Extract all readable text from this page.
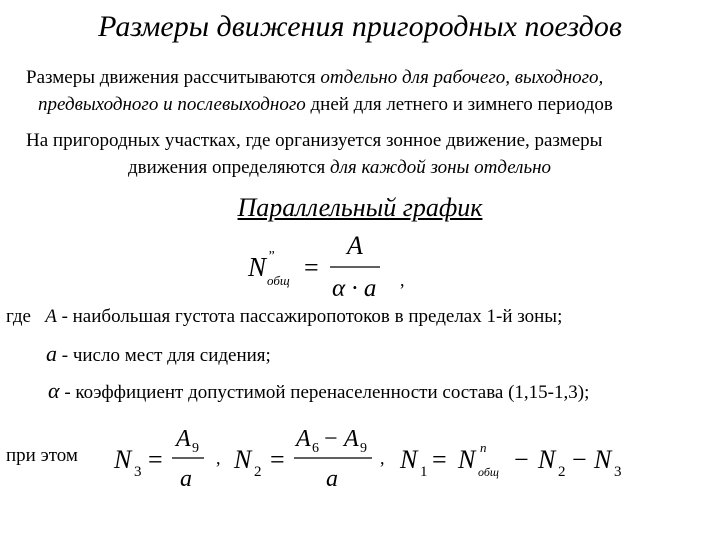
Размеры движения пригородных поездов
Размеры движения рассчитываются отдельно для рабочего, выходного,
предвыходного и послевыходного дней для летнего и зимнего периодов
На пригородных участках, где организуется зонное движение, размеры
движения определяются для каждой зоны отдельно
Параллельный график
N ”
общ =
A
α · a ,
где A - наибольшая густота пассажиропотоков в пределах 1-й зоны;
a - число мест для сидения;
α - коэффициент допустимой перенаселенности состава (1,15-1,3);
при этом N 3 =
A 9
a
, N 2 =
A 6 − A 9
a
, N 1 = N n
общ − N 2 − N 3
